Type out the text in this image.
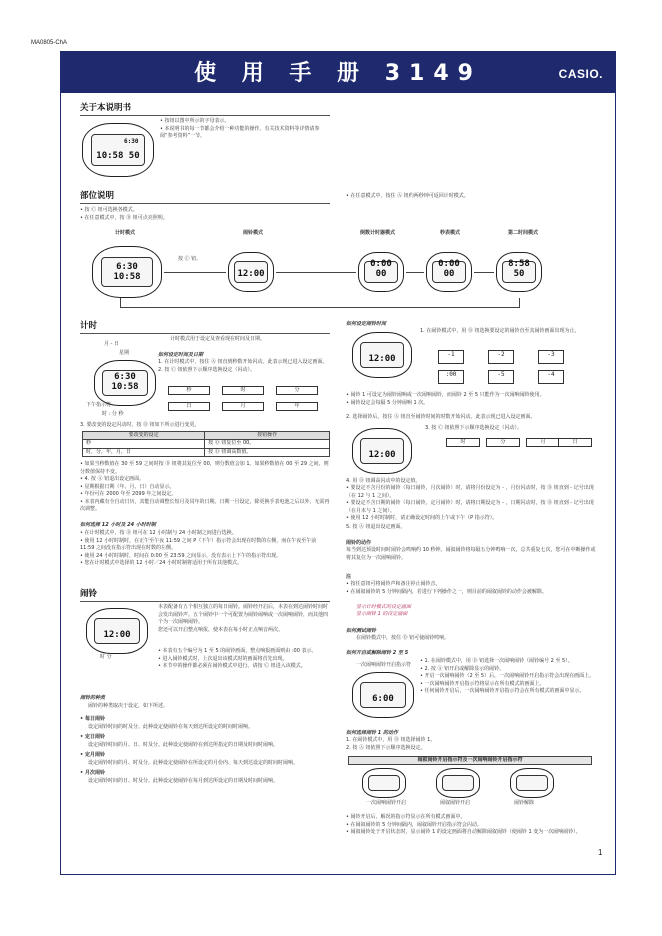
MA0805-ChA
使 用 手 册 3149	CASIO.
关于本说明书
6:30
10:58 50
• 按钮以图中所示的字母表示。
• 本说明书的每一节都会介绍一种功能的操作。有关技术资料等详情请参阅“参考资料”一节。
部位说明
• 按 Ⓒ 钮可选换各模式。
• 在任意模式中，按 Ⓑ 钮可点亮照明。
• 在任意模式中，按住 Ⓐ 钮约两秒钟可返回计时模式。
计时模式	闹铃模式	倒数计时器模式	秒表模式	第二时间模式
6:30 10:58
按 Ⓒ 钮。
12:00
0:00 00
0:00 00
8:58 50
计时
计时模式用于设定及查看现在时间及日期。
月 - 日
星期
6:30 10:58
下午指示符
时 : 分 秒
如何设定时间及日期
1. 在计时模式中，按住 Ⓐ 钮直到秒数开始闪动。此表示现已进入设定画面。
2. 按 Ⓒ 钮依照下示顺序选换设定（闪动）。
秒	时	分
日	月	年
3. 要改变的设定闪动时，按 Ⓓ 钮如下所示进行变更。
要改变的设定	按钮操作
秒	按 Ⓓ 钮复位至 00。
时，分，年，月，日	按 Ⓓ 钮调高数值。
• 如果当秒数值在 30 至 59 之间时按 Ⓓ 钮将其复位至 00，则分数值会加 1。如果秒数值在 00 至 29 之间，则分数值保持不变。
• 4. 按 Ⓐ 钮退出设定画面。
• 星期根据日期（年、月、日）自动显示。
• 年份可在 2000 年至 2099 年之间设定。
• 本表内藏有全自动日历，其能自动调整长短月及闰年的日期。日期一旦设定，除更换手表电池之后以外，无需再次调整。
如何选择 12 小时及 24 小时时制
• 在计时模式中，按 Ⓓ 钮可在 12 小时制与 24 小时制之间进行选换。
• 使用 12 小时时制时，在正午至午夜 11:59 之间 P（下午）指示符会出现在时数的左侧，而在午夜至午前 11:59 之间没有指示符出现在时数的左侧。
• 使用 24 小时时制时，时间在 0:00 至 23:59 之间显示，没有表示上下午的指示符出现。
• 您在计时模式中选择的 12 小时／24 小时时制将适用于所有其他模式。
闹铃
12:00
时 分
本表配备有五个相互独立的每日闹铃。闹铃经开启后，本表在到达闹铃时间时会发出闹铃声。五个闹铃中一个可配置为闹铃闹响或一次闹响闹铃，而其他四个为一次闹响闹铃。
您还可以开启整点响报，使本表在每小时正点响音两次。
• 本表有五个编号为 1 至 5 的闹铃画面，整点响报画面则由 :00 表示。
• 进入闹铃模式时，上次退出该模式时的画面将首先出现。
• 本节中的操作都必须在闹铃模式中进行。请按 Ⓒ 钮进入该模式。
闹铃的种类
闹铃的种类取决于设定，如下所述。
• 每日闹铃
设定闹铃时间的时及分。此种设定使闹铃在每天到达所设定的时间时闹响。
• 定日闹铃
设定闹铃时间的月、日、时及分。此种设定使闹铃在到达所指定的日期及时间时闹响。
• 定月闹铃
设定闹铃时间的月、时及分。此种设定使闹铃在所设定的月份内、每天到达设定的时间时闹响。
• 月次闹铃
设定闹铃时间的日、时及分。此种设定使闹铃在每月到达所设定的日期及时间时闹响。
如何设定闹铃时间
12:00
1. 在闹铃模式中，用 Ⓓ 钮选换要设定的闹铃直至其闹铃画面出现为止。
-1	-2	-3
:00	-5	-4
• 闹铃 1 可设定为闹铃闹响或一次闹响闹铃，而闹铃 2 至 5 只能作为一次闹响闹铃使用。
• 闹铃设定会每隔 5 分钟闹响 1 次。
2. 选择闹铃后，按住 Ⓐ 钮直至闹铃时间的时数开始闪动。此表示现已进入设定画面。
12:00
3. 按 Ⓒ 钮依照下示顺序选换设定（闪动）。
时	分	月	日
4. 用 Ⓓ 钮调高闪动中的设定值。
• 要设定不含月份的闹铃（每日闹铃，月次闹铃）时，请将月份设定为 - ，月份闪动时，按 Ⓓ 钮直到 - 记号出现（在 12 与 1 之间）。
• 要设定不含日期的闹铃（每日闹铃，定月闹铃）时，请将日期设定为 - ，日期闪动时，按 Ⓓ 钮直到 - 记号出现（在月末与 1 之间）。
• 使用 12 小时时制时，请正确设定时间的上午或下午（P 指示符）。
5. 按 Ⓐ 钮退出设定画面。
闹铃的动作
每当到达预设时间时闹铃会鸣响约 10 秒钟。闹叙闹铃将每隔五分钟鸣响一次，总共重复七次，您可在中断操作或将其复位为一次闹响闹铃。
注
• 按任意钮可将闹铃声和备注停止闹铃音。
• 在闹叙闹铃的 5 分钟间隔内，若进行下列操作之一，则目前的闹叙闹铃的动作会被解除。
显示计时模式的设定画面
显示闹铃 1 的设定画面
如何测试闹铃
在闹铃模式中，按住 Ⓓ 钮可使闹铃鸣响。
如何开启或解除闹铃 2 至 5
一次闹响闹铃开启指示符
6:00
• 1. 在闹铃模式中，用 Ⓓ 钮选择一次闹响闹铃（闹铃编号 2 至 5）。
• 2. 按 Ⓐ 钮开启或解除显示的闹铃。
• 开启一次闹响闹铃（2 至 5）后，一次闹响闹铃开启指示符会出现在画面上。
• 一次闹响闹铃开启指示符将显示在所有模式的画面上。
• 任何闹铃开启后，一次闹响闹铃开启指示符会在所有模式的画面中显示。
如何选择闹铃 1 的动作
1. 在闹铃模式中，用 Ⓓ 钮选择闹铃 1。
2. 按 Ⓐ 钮依照下示顺序选换设定。
闹叙闹铃开启指示符及一次闹响闹铃开启指示符
一次闹响闹铃开启	闹叙闹铃开启	闹铃解除
• 闹铃开启后，解况的指示符显示在所有模式画面中。
• 在闹叙闹铃的 5 分钟间隔内，闹叙闹铃开启指示符会闪动。
• 闹叙闹铃处于开启状态时，显示闹铃 1 的设定画面将自动解除闹叙闹铃（使闹铃 1 变为一次闹响闹铃）。
1
